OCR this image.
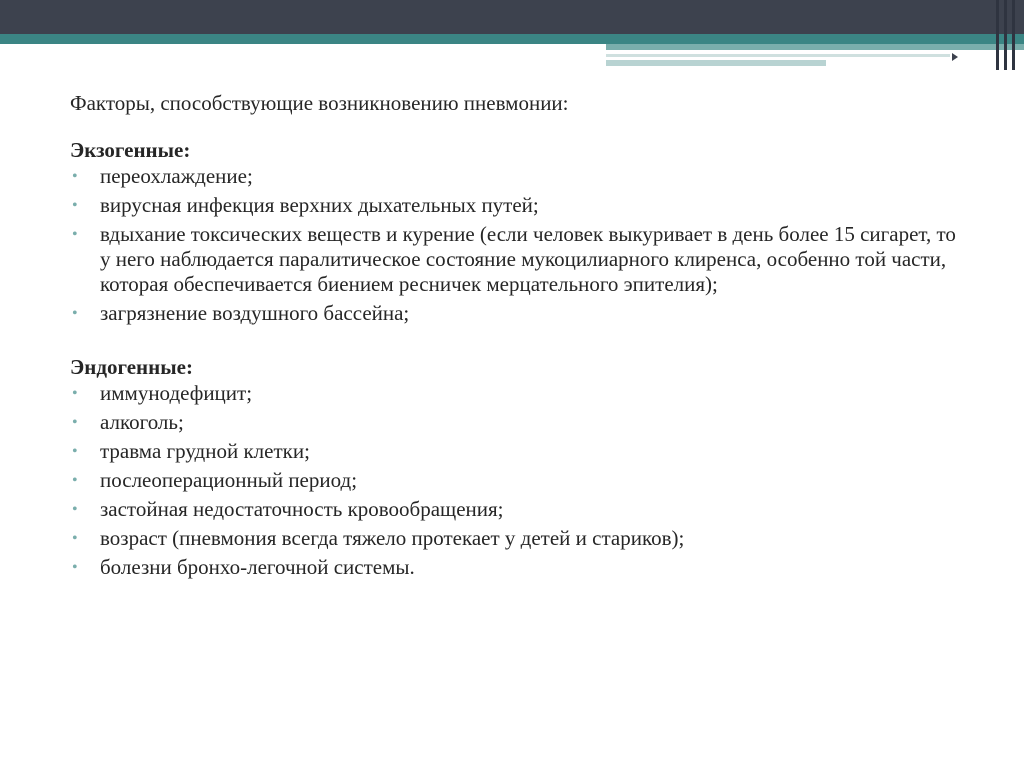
Факторы, способствующие возникновению пневмонии:

Экзогенные:

• переохлаждение;
• вирусная инфекция верхних дыхательных путей;
• вдыхание токсических веществ и курение (если человек выкуривает в день более 15 сигарет, то у него наблюдается паралитическое состояние мукоцилиарного клиренса, особенно той части, которая обеспечивается биением ресничек мерцательного эпителия);
• загрязнение воздушного бассейна;

Эндогенные:

• иммунодефицит;
• алкоголь;
• травма грудной клетки;
• послеоперационный период;
• застойная недостаточность кровообращения;
• возраст (пневмония всегда тяжело протекает у детей и стариков);
• болезни бронхо-легочной системы.
